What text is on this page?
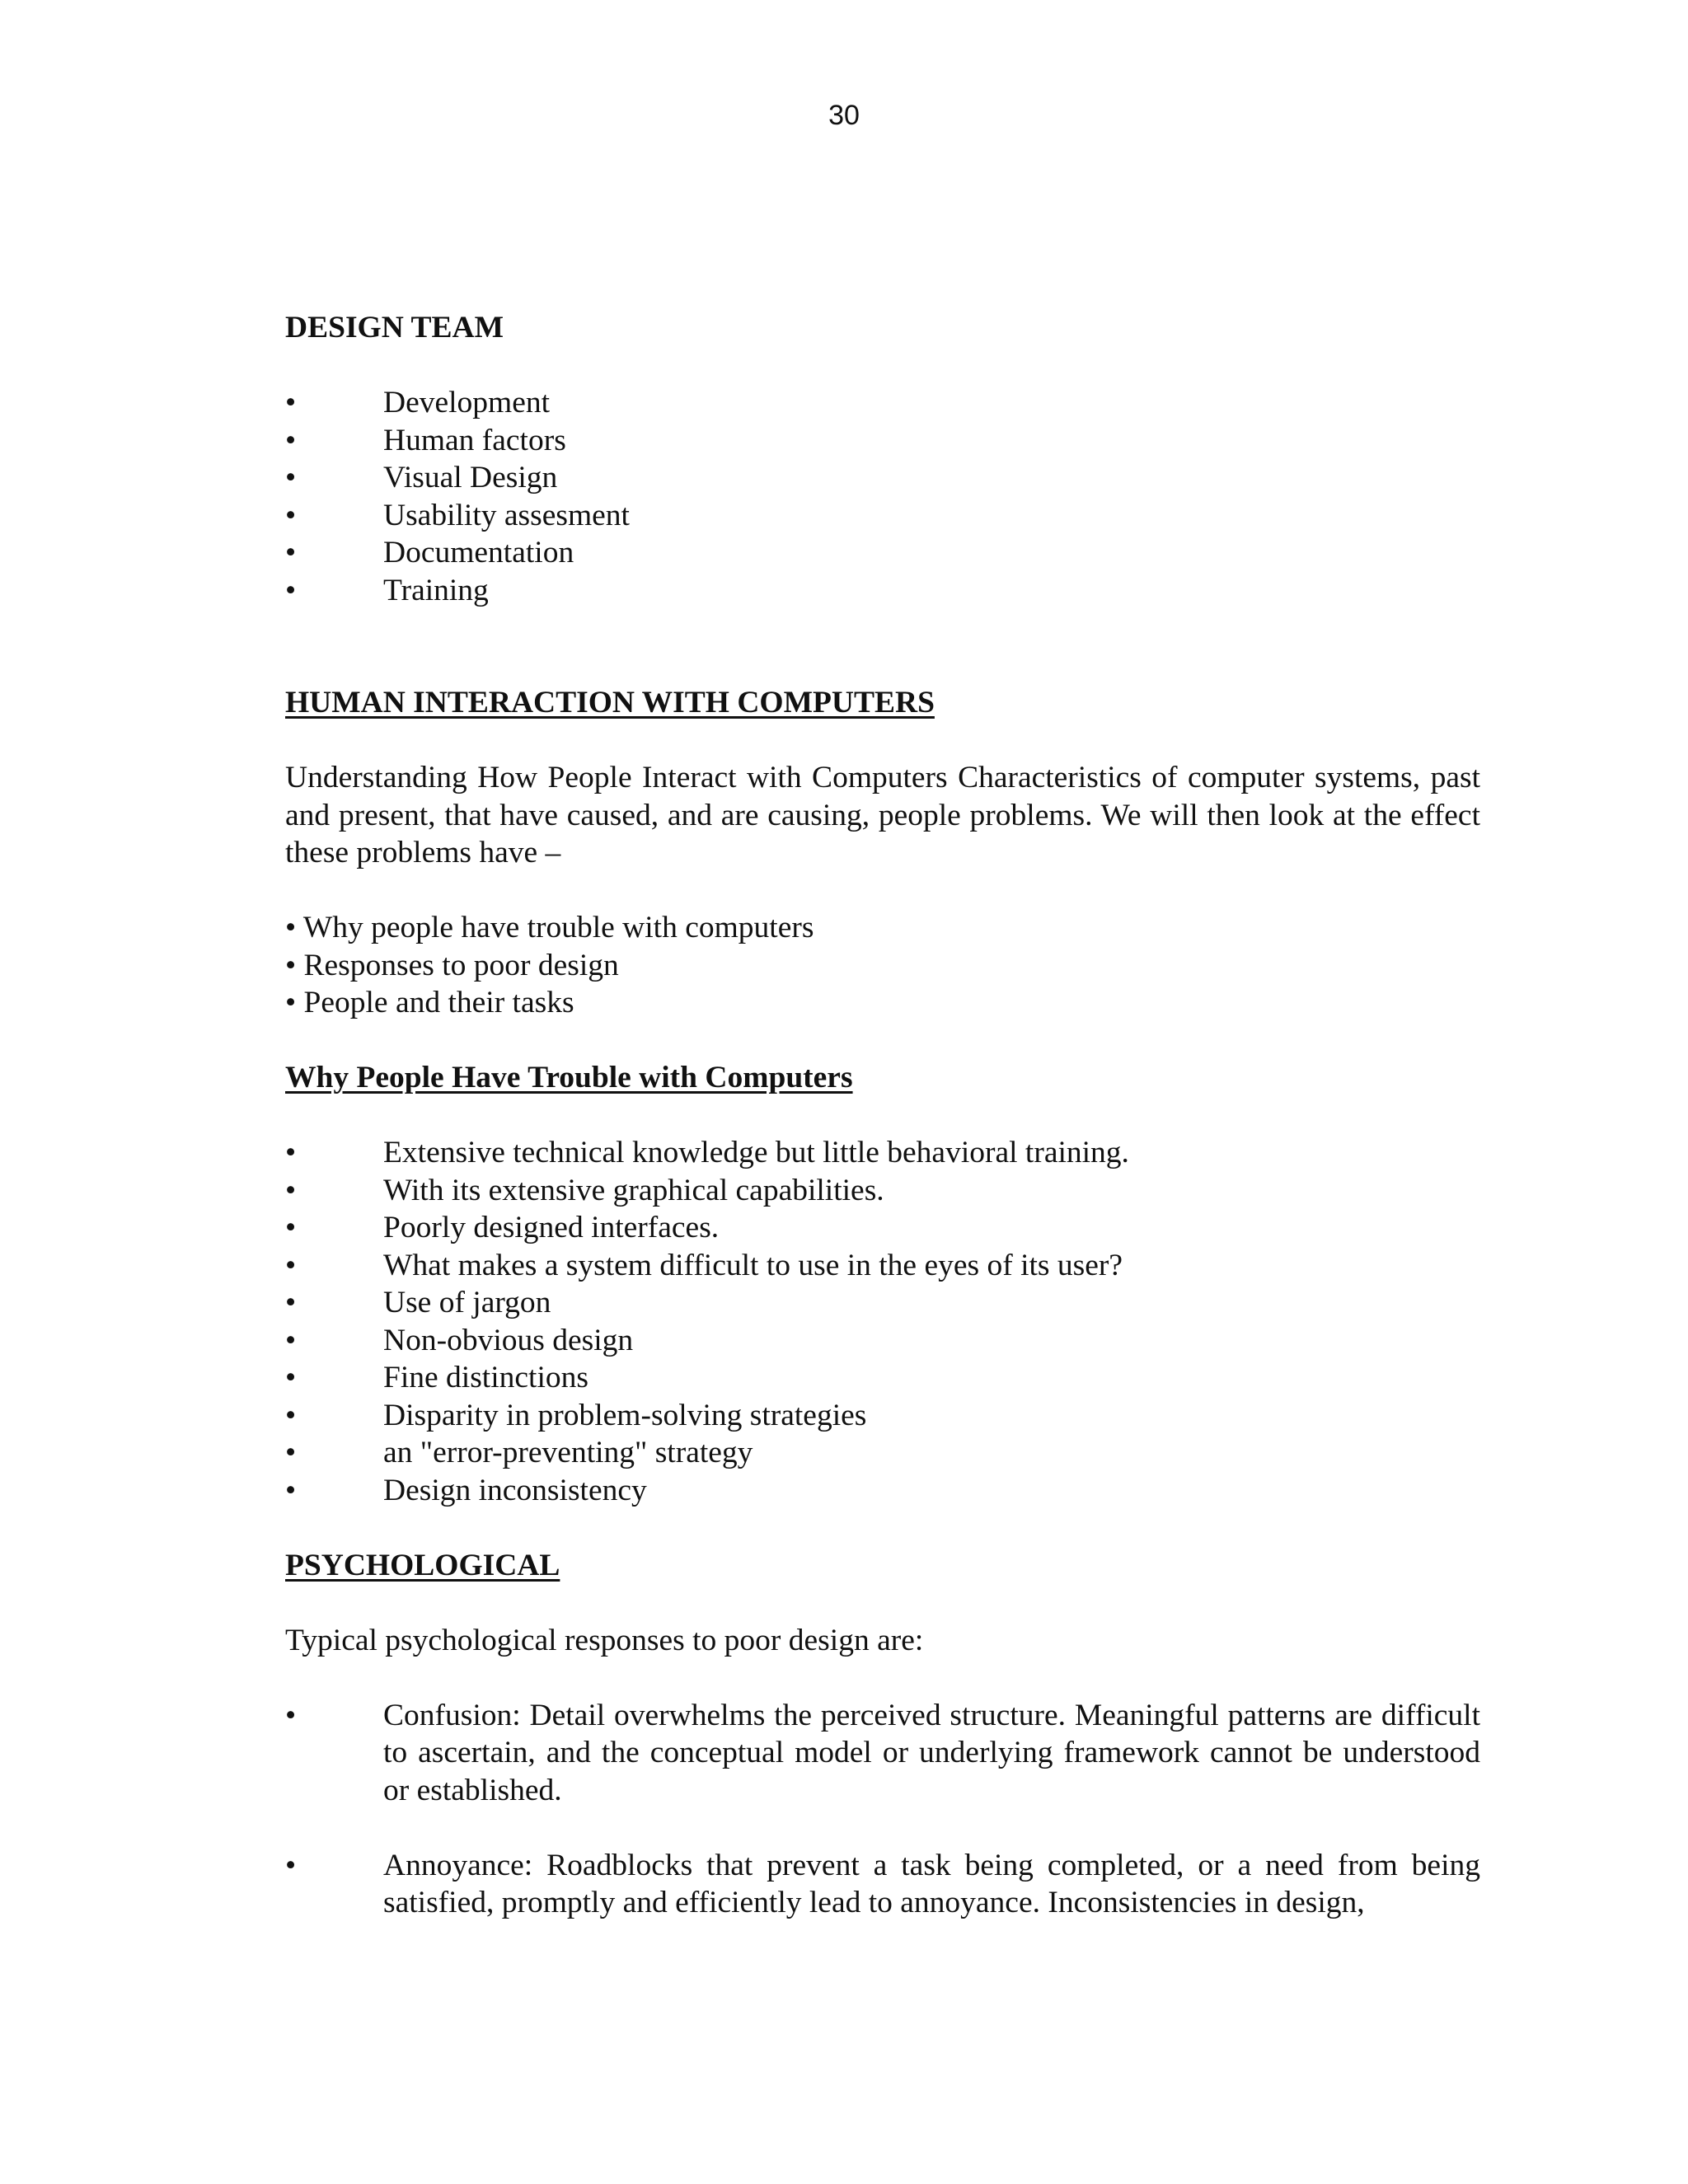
30

DESIGN TEAM

•	Development
•	Human factors
•	Visual Design
•	Usability assesment
•	Documentation
•	Training

HUMAN INTERACTION WITH COMPUTERS

Understanding How People Interact with Computers Characteristics of computer systems, past and present, that have caused, and are causing, people problems. We will then look at the effect these problems have –

• Why people have trouble with computers
• Responses to poor design
• People and their tasks

Why People Have Trouble with Computers

•	Extensive technical knowledge but little behavioral training.
•	With its extensive graphical capabilities.
•	Poorly designed interfaces.
•	What makes a system difficult to use in the eyes of its user?
•	Use of jargon
•	Non-obvious design
•	Fine distinctions
•	Disparity in problem-solving strategies
•	an "error-preventing" strategy
•	Design inconsistency

PSYCHOLOGICAL

Typical psychological responses to poor design are:

•	Confusion: Detail overwhelms the perceived structure. Meaningful patterns are difficult to ascertain, and the conceptual model or underlying framework cannot be understood or established.
•	Annoyance: Roadblocks that prevent a task being completed, or a need from being satisfied, promptly and efficiently lead to annoyance. Inconsistencies in design,
